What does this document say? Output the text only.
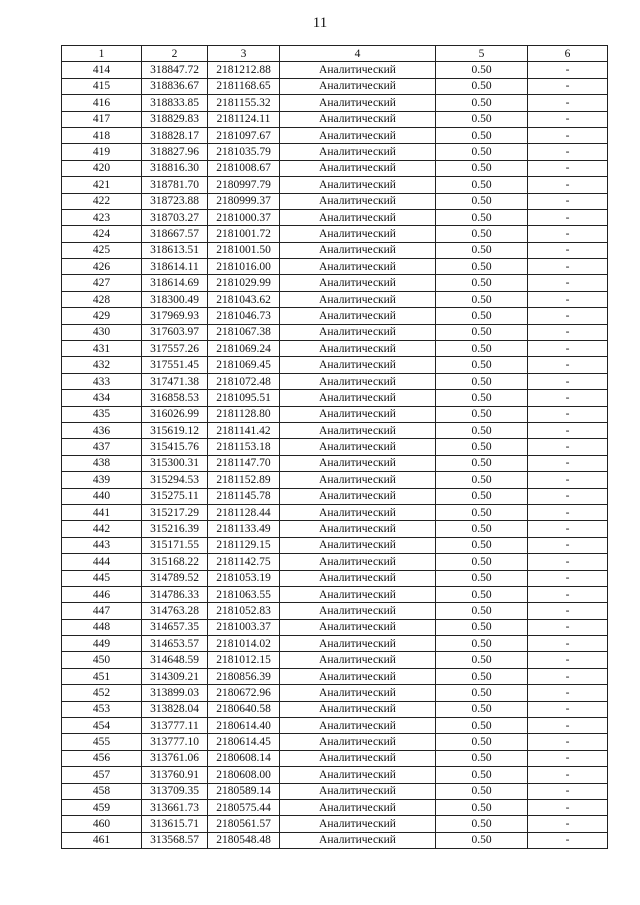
11
1	2	3	4	5	6
414	318847.72	2181212.88	Аналитический	0.50	-
415	318836.67	2181168.65	Аналитический	0.50	-
416	318833.85	2181155.32	Аналитический	0.50	-
417	318829.83	2181124.11	Аналитический	0.50	-
418	318828.17	2181097.67	Аналитический	0.50	-
419	318827.96	2181035.79	Аналитический	0.50	-
420	318816.30	2181008.67	Аналитический	0.50	-
421	318781.70	2180997.79	Аналитический	0.50	-
422	318723.88	2180999.37	Аналитический	0.50	-
423	318703.27	2181000.37	Аналитический	0.50	-
424	318667.57	2181001.72	Аналитический	0.50	-
425	318613.51	2181001.50	Аналитический	0.50	-
426	318614.11	2181016.00	Аналитический	0.50	-
427	318614.69	2181029.99	Аналитический	0.50	-
428	318300.49	2181043.62	Аналитический	0.50	-
429	317969.93	2181046.73	Аналитический	0.50	-
430	317603.97	2181067.38	Аналитический	0.50	-
431	317557.26	2181069.24	Аналитический	0.50	-
432	317551.45	2181069.45	Аналитический	0.50	-
433	317471.38	2181072.48	Аналитический	0.50	-
434	316858.53	2181095.51	Аналитический	0.50	-
435	316026.99	2181128.80	Аналитический	0.50	-
436	315619.12	2181141.42	Аналитический	0.50	-
437	315415.76	2181153.18	Аналитический	0.50	-
438	315300.31	2181147.70	Аналитический	0.50	-
439	315294.53	2181152.89	Аналитический	0.50	-
440	315275.11	2181145.78	Аналитический	0.50	-
441	315217.29	2181128.44	Аналитический	0.50	-
442	315216.39	2181133.49	Аналитический	0.50	-
443	315171.55	2181129.15	Аналитический	0.50	-
444	315168.22	2181142.75	Аналитический	0.50	-
445	314789.52	2181053.19	Аналитический	0.50	-
446	314786.33	2181063.55	Аналитический	0.50	-
447	314763.28	2181052.83	Аналитический	0.50	-
448	314657.35	2181003.37	Аналитический	0.50	-
449	314653.57	2181014.02	Аналитический	0.50	-
450	314648.59	2181012.15	Аналитический	0.50	-
451	314309.21	2180856.39	Аналитический	0.50	-
452	313899.03	2180672.96	Аналитический	0.50	-
453	313828.04	2180640.58	Аналитический	0.50	-
454	313777.11	2180614.40	Аналитический	0.50	-
455	313777.10	2180614.45	Аналитический	0.50	-
456	313761.06	2180608.14	Аналитический	0.50	-
457	313760.91	2180608.00	Аналитический	0.50	-
458	313709.35	2180589.14	Аналитический	0.50	-
459	313661.73	2180575.44	Аналитический	0.50	-
460	313615.71	2180561.57	Аналитический	0.50	-
461	313568.57	2180548.48	Аналитический	0.50	-
